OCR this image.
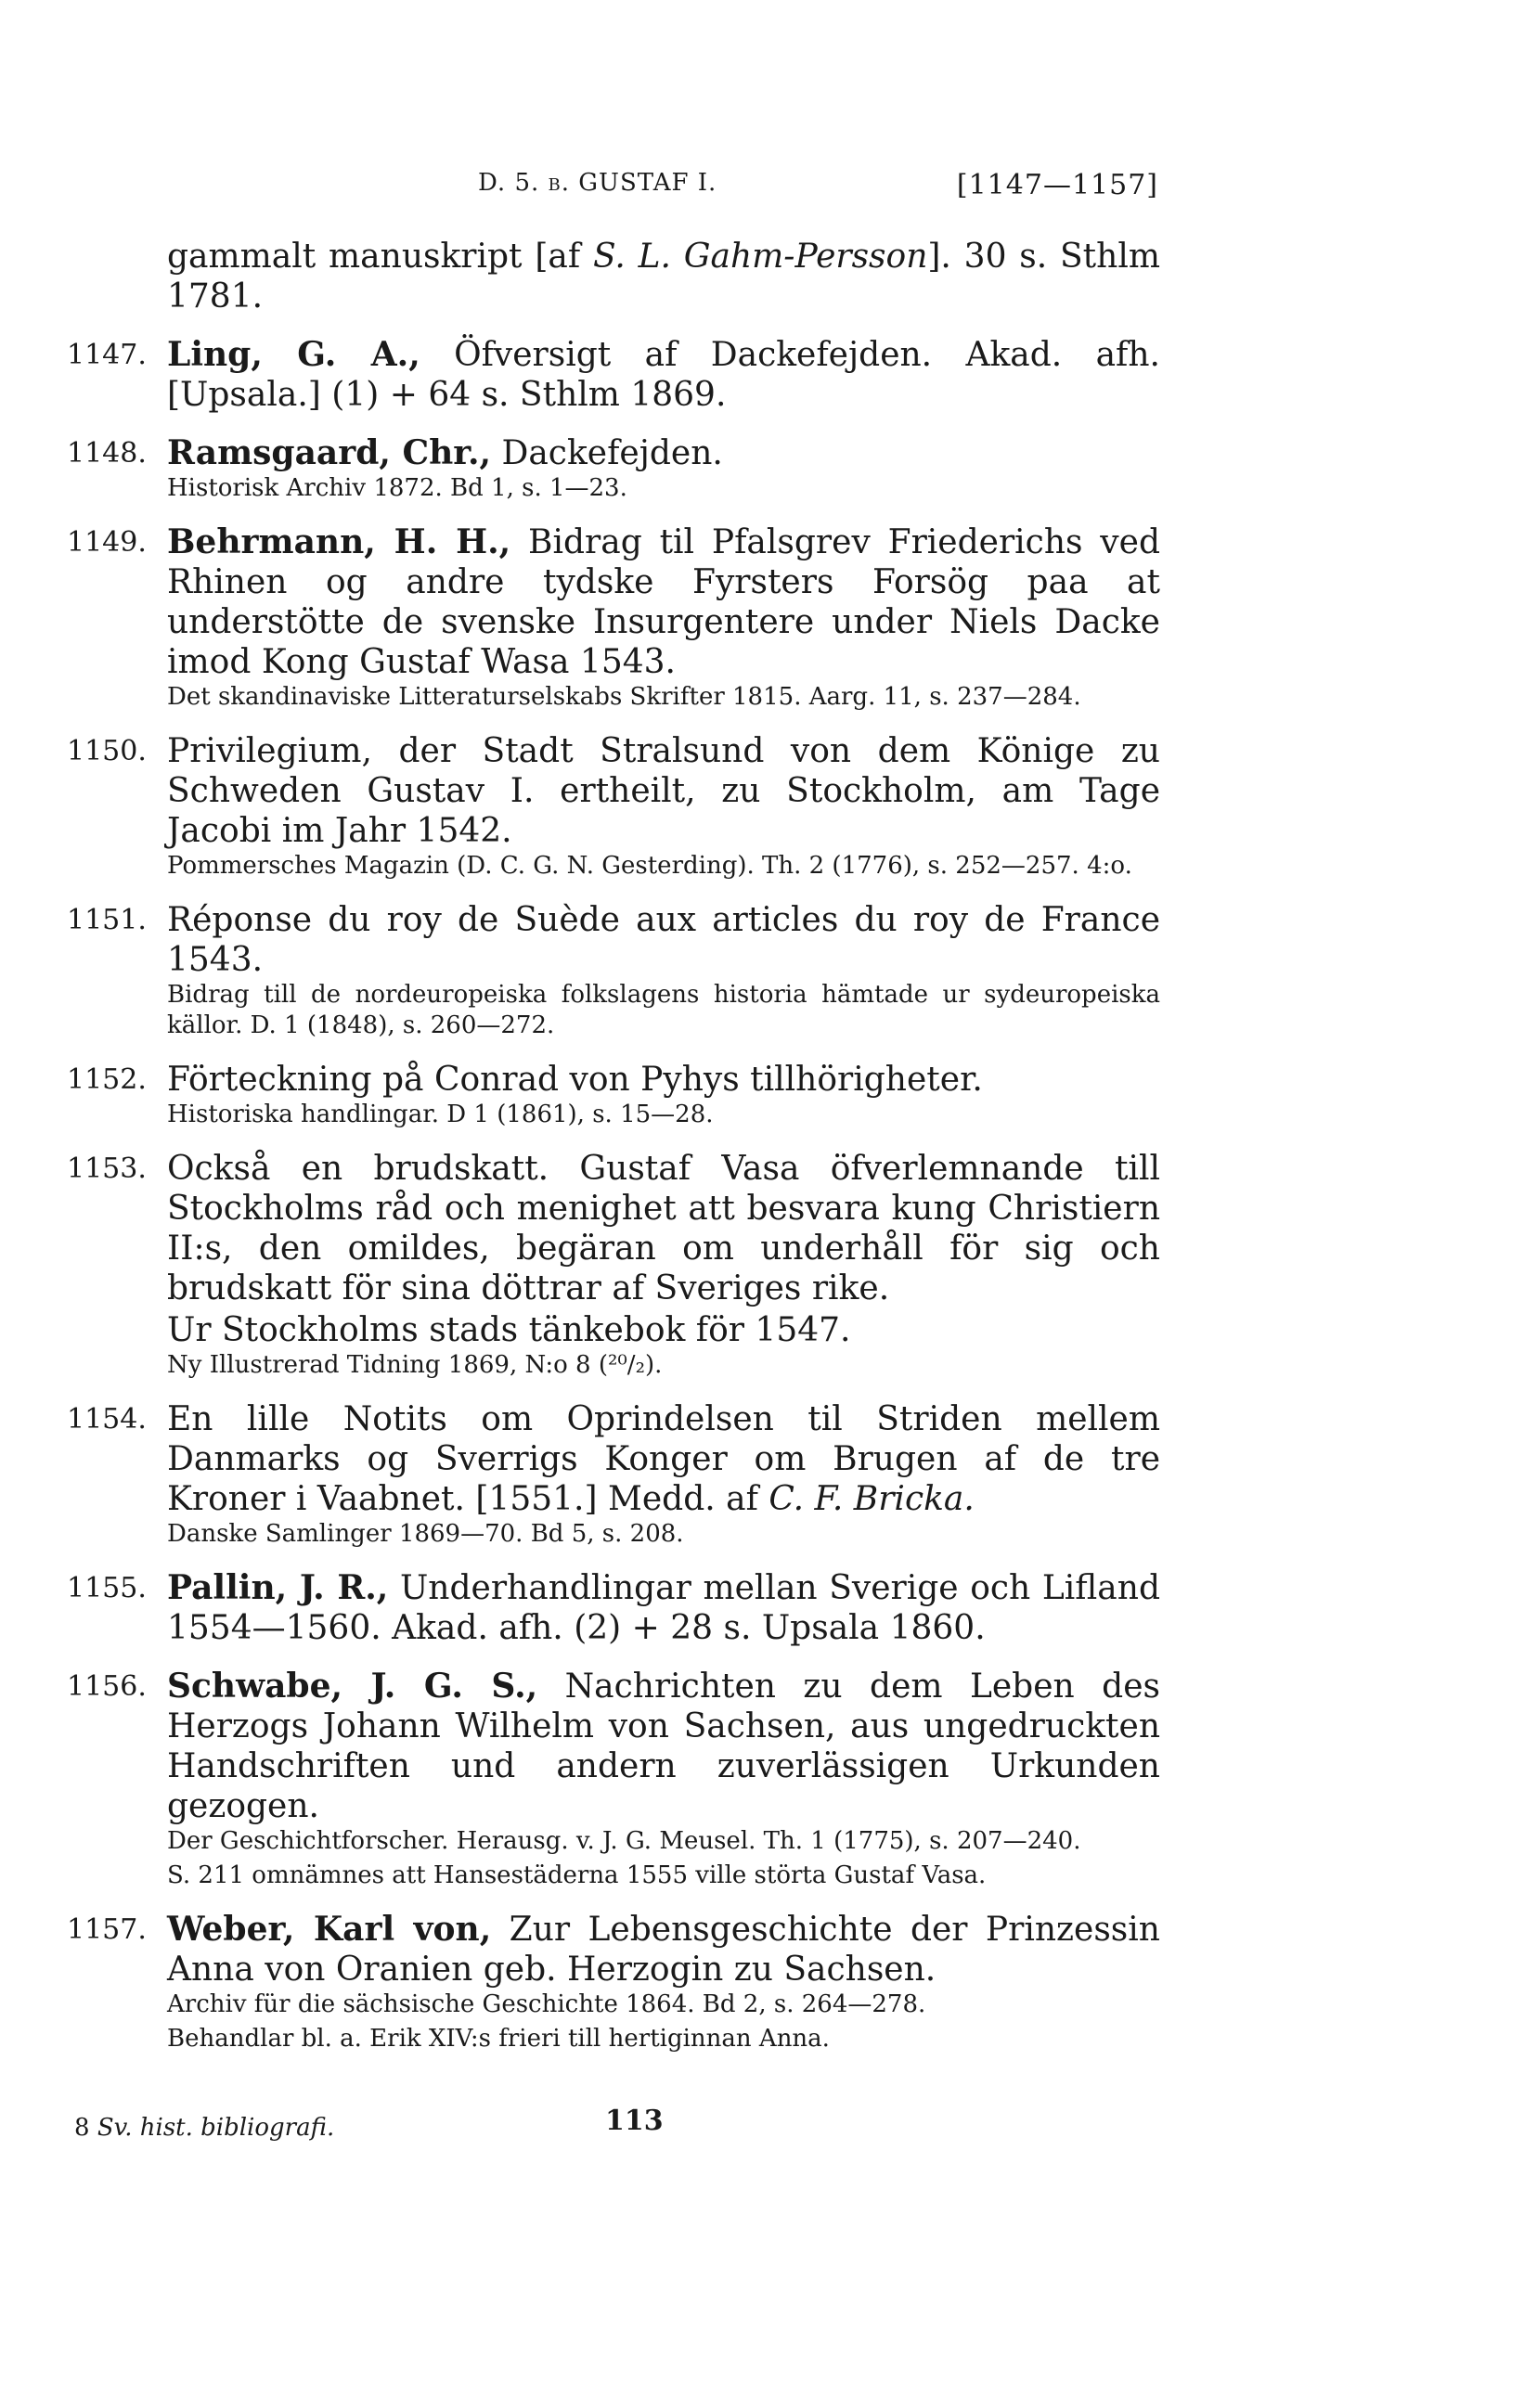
D. 5. b. GUSTAF I.	[1147—1157]

gammalt manuskript [af S. L. Gahm-Persson]. 30 s. Sthlm 1781.

1147. Ling, G. A., Öfversigt af Dackefejden. Akad. afh. [Upsala.] (1) + 64 s. Sthlm 1869.

1148. Ramsgaard, Chr., Dackefejden.

Historisk Archiv 1872. Bd 1, s. 1—23.

1149. Behrmann, H. H., Bidrag til Pfalsgrev Friederichs ved Rhinen og andre tydske Fyrsters Forsög paa at understötte de svenske Insurgentere under Niels Dacke imod Kong Gustaf Wasa 1543.

Det skandinaviske Litteraturselskabs Skrifter 1815. Aarg. 11, s. 237—284.

1150. Privilegium, der Stadt Stralsund von dem Könige zu Schweden Gustav I. ertheilt, zu Stockholm, am Tage Jacobi im Jahr 1542.

Pommersches Magazin (D. C. G. N. Gesterding). Th. 2 (1776), s. 252—257. 4:o.

1151. Réponse du roy de Suède aux articles du roy de France 1543.

Bidrag till de nordeuropeiska folkslagens historia hämtade ur sydeuropeiska källor. D. 1 (1848), s. 260—272.

1152. Förteckning på Conrad von Pyhys tillhörigheter.

Historiska handlingar. D 1 (1861), s. 15—28.

1153. Också en brudskatt. Gustaf Vasa öfverlemnande till Stockholms råd och menighet att besvara kung Christiern II:s, den omildes, begäran om underhåll för sig och brudskatt för sina döttrar af Sveriges rike.

Ur Stockholms stads tänkebok för 1547.

Ny Illustrerad Tidning 1869, N:o 8 (²⁰/₂).

1154. En lille Notits om Oprindelsen til Striden mellem Danmarks og Sverrigs Konger om Brugen af de tre Kroner i Vaabnet. [1551.] Medd. af C. F. Bricka.

Danske Samlinger 1869—70. Bd 5, s. 208.

1155. Pallin, J. R., Underhandlingar mellan Sverige och Lifland 1554—1560. Akad. afh. (2) + 28 s. Upsala 1860.

1156. Schwabe, J. G. S., Nachrichten zu dem Leben des Herzogs Johann Wilhelm von Sachsen, aus ungedruckten Handschriften und andern zuverlässigen Urkunden gezogen.

Der Geschichtforscher. Herausg. v. J. G. Meusel. Th. 1 (1775), s. 207—240.

S. 211 omnämnes att Hansestäderna 1555 ville störta Gustaf Vasa.

1157. Weber, Karl von, Zur Lebensgeschichte der Prinzessin Anna von Oranien geb. Herzogin zu Sachsen.

Archiv für die sächsische Geschichte 1864. Bd 2, s. 264—278.

Behandlar bl. a. Erik XIV:s frieri till hertiginnan Anna.

8 Sv. hist. bibliografi.	113
